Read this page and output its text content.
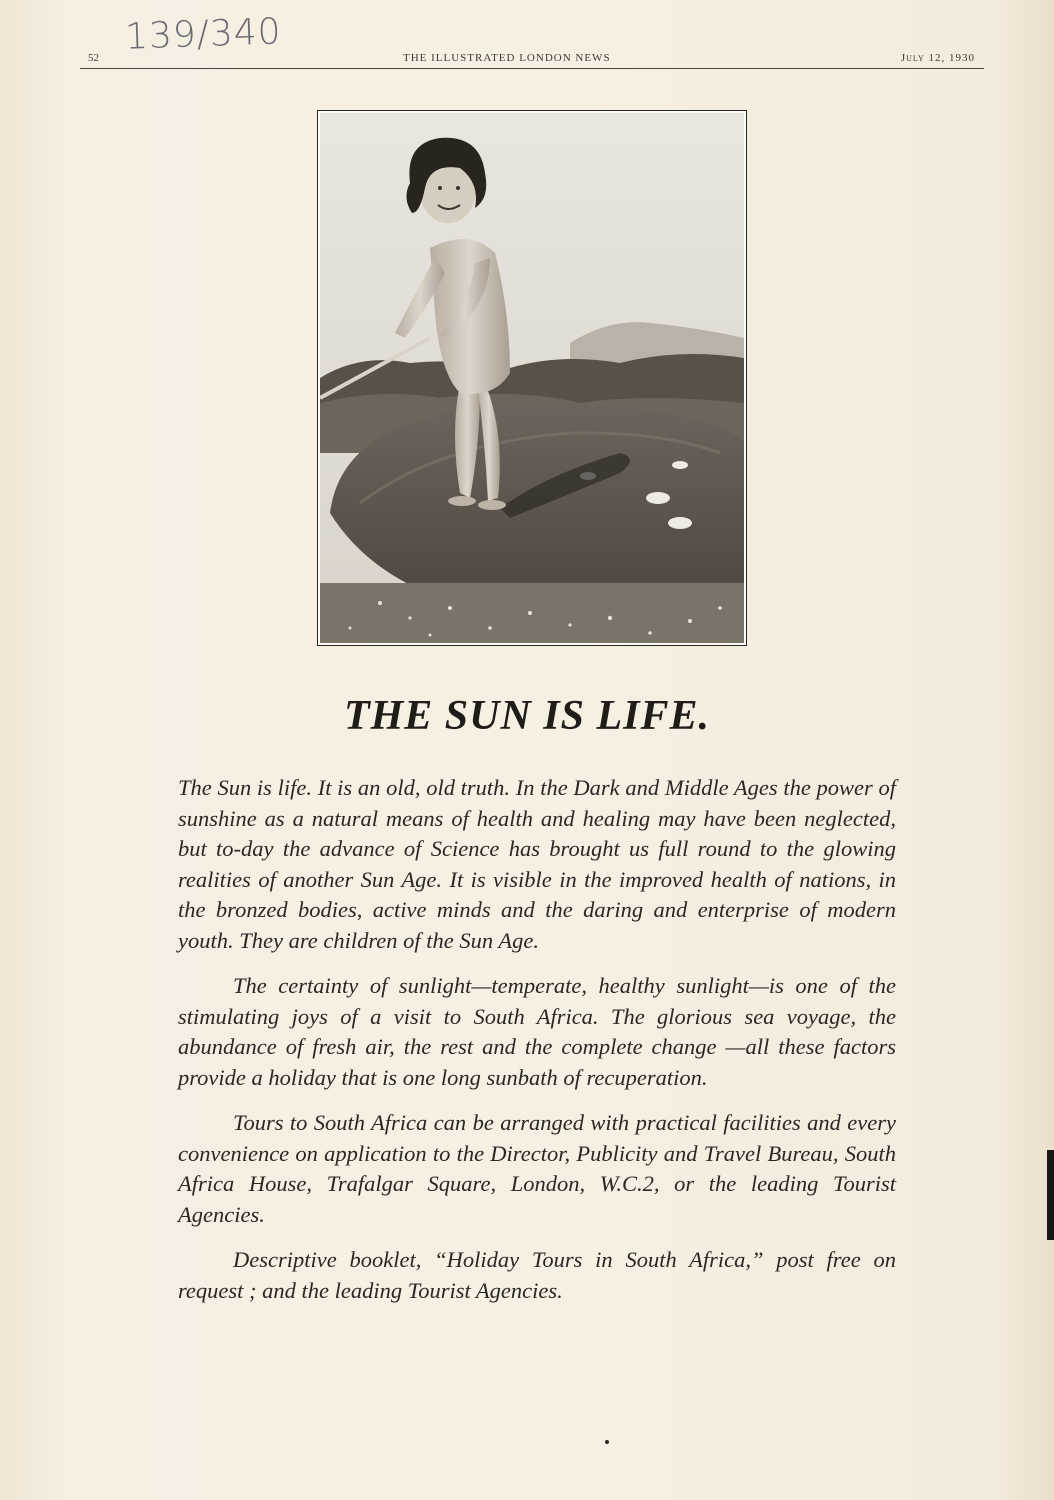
139/340
52	THE ILLUSTRATED LONDON NEWS	July 12, 1930
THE SUN IS LIFE.

The Sun is life. It is an old, old truth. In the Dark and Middle Ages the power of sunshine as a natural means of health and healing may have been neglected, but to-day the advance of Science has brought us full round to the glowing realities of another Sun Age. It is visible in the improved health of nations, in the bronzed bodies, active minds and the daring and enterprise of modern youth. They are children of the Sun Age.

The certainty of sunlight—temperate, healthy sunlight—is one of the stimulating joys of a visit to South Africa. The glorious sea voyage, the abundance of fresh air, the rest and the complete change —all these factors provide a holiday that is one long sunbath of recuperation.

Tours to South Africa can be arranged with practical facilities and every convenience on application to the Director, Publicity and Travel Bureau, South Africa House, Trafalgar Square, London, W.C.2, or the leading Tourist Agencies.

Descriptive booklet, “Holiday Tours in South Africa,” post free on request ; and the leading Tourist Agencies.
